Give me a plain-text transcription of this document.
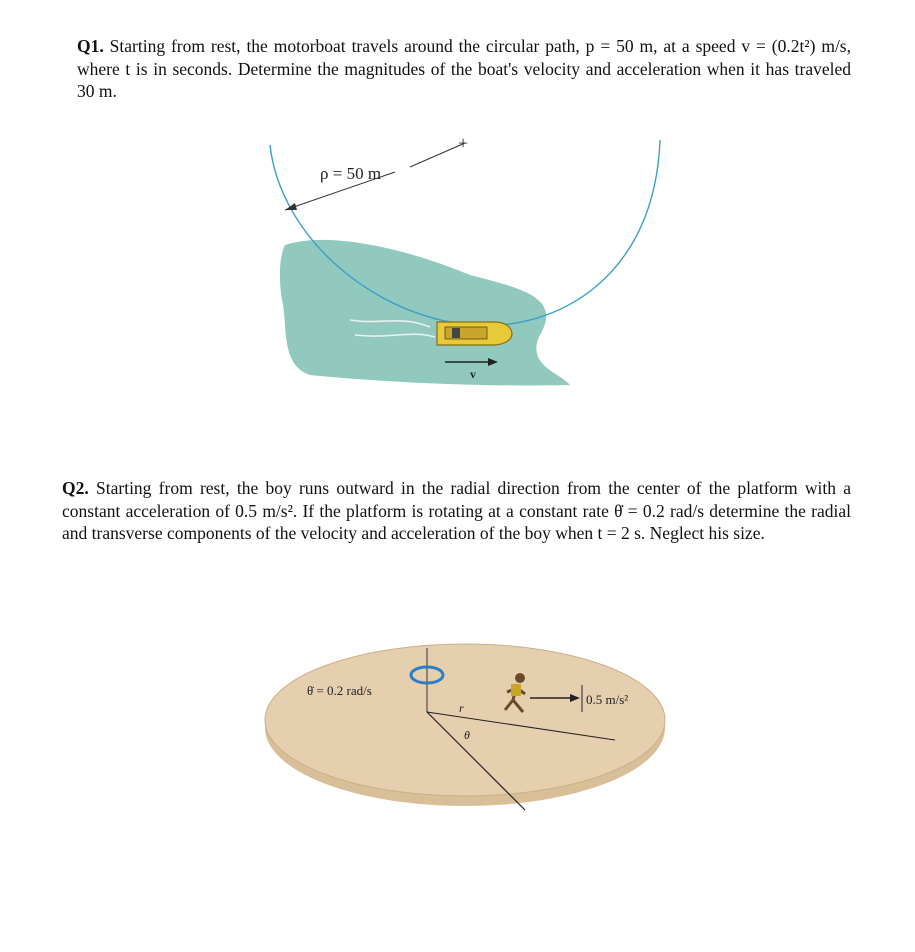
Q1. Starting from rest, the motorboat travels around the circular path, p = 50 m, at a speed v = (0.2t²) m/s, where t is in seconds. Determine the magnitudes of the boat's velocity and acceleration when it has traveled 30 m.
+
ρ = 50 m
v
Q2. Starting from rest, the boy runs outward in the radial direction from the center of the platform with a constant acceleration of 0.5 m/s². If the platform is rotating at a constant rate θ̇ = 0.2 rad/s determine the radial and transverse components of the velocity and acceleration of the boy when t = 2 s. Neglect his size.
θ̇ = 0.2 rad/s
r
θ
0.5 m/s²
